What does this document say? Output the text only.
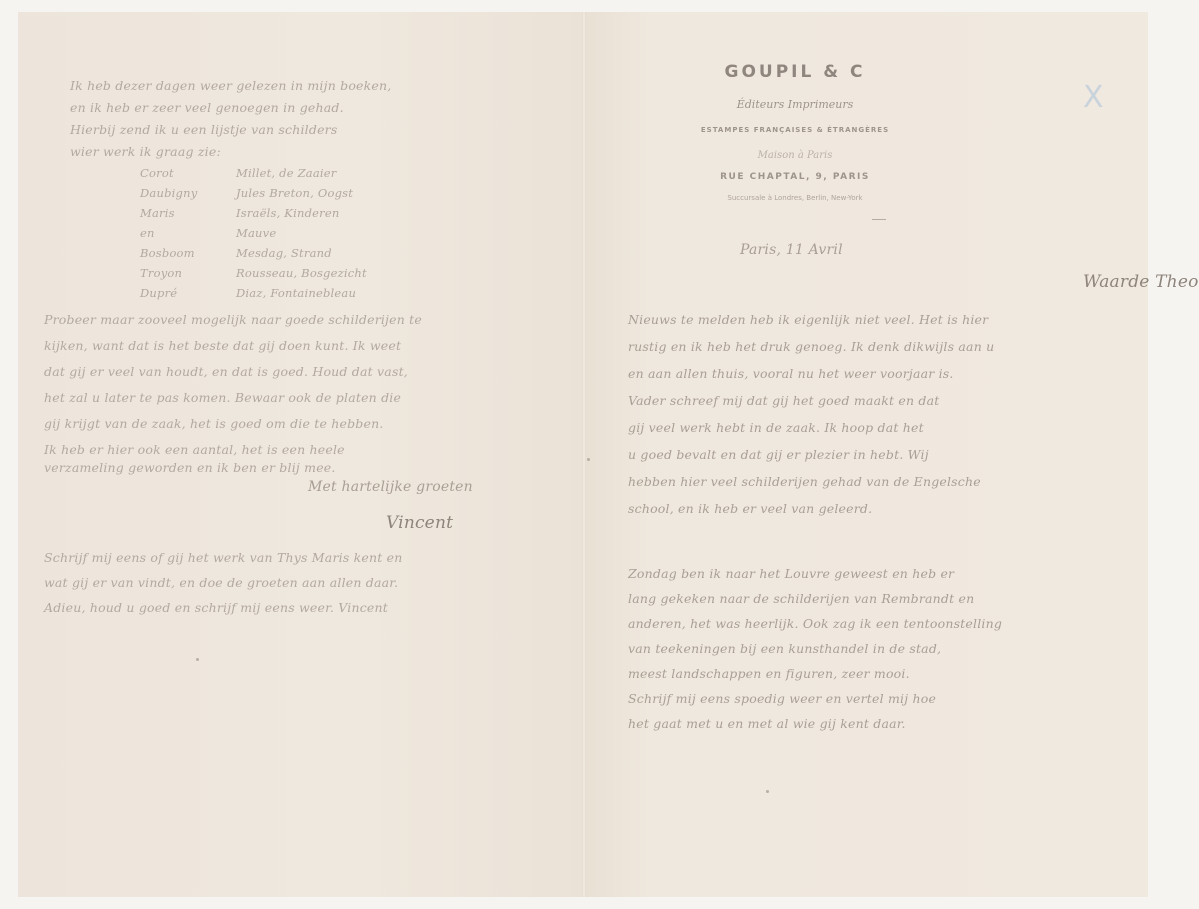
GOUPIL & C
Éditeurs Imprimeurs
ESTAMPES FRANÇAISES & ÉTRANGÈRES
Maison à Paris
RUE CHAPTAL, 9, PARIS
Succursale à Londres, Berlin, New-York
X
Paris, 11 Avril
Waarde Theo
Nieuws te melden heb ik eigenlijk niet veel. Het is hier
rustig en ik heb het druk genoeg. Ik denk dikwijls aan u
en aan allen thuis, vooral nu het weer voorjaar is.
Vader schreef mij dat gij het goed maakt en dat
gij veel werk hebt in de zaak. Ik hoop dat het
u goed bevalt en dat gij er plezier in hebt. Wij
hebben hier veel schilderijen gehad van de Engelsche
school, en ik heb er veel van geleerd.
Zondag ben ik naar het Louvre geweest en heb er
lang gekeken naar de schilderijen van Rembrandt en
anderen, het was heerlijk. Ook zag ik een tentoonstelling
van teekeningen bij een kunsthandel in de stad,
meest landschappen en figuren, zeer mooi.
Schrijf mij eens spoedig weer en vertel mij hoe
het gaat met u en met al wie gij kent daar.
Ik heb dezer dagen weer gelezen in mijn boeken,
en ik heb er zeer veel genoegen in gehad.
Hierbij zend ik u een lijstje van schilders
wier werk ik graag zie:
Corot	Millet, de Zaaier
Daubigny	Jules Breton, Oogst
Maris	Israëls, Kinderen
en	Mauve
Bosboom	Mesdag, Strand
Troyon	Rousseau, Bosgezicht
Dupré	Diaz, Fontainebleau
Probeer maar zooveel mogelijk naar goede schilderijen te
kijken, want dat is het beste dat gij doen kunt. Ik weet
dat gij er veel van houdt, en dat is goed. Houd dat vast,
het zal u later te pas komen. Bewaar ook de platen die
gij krijgt van de zaak, het is goed om die te hebben.
Ik heb er hier ook een aantal, het is een heele
verzameling geworden en ik ben er blij mee.
Met hartelijke groeten
Vincent
Schrijf mij eens of gij het werk van Thys Maris kent en
wat gij er van vindt, en doe de groeten aan allen daar.
Adieu, houd u goed en schrijf mij eens weer. Vincent
